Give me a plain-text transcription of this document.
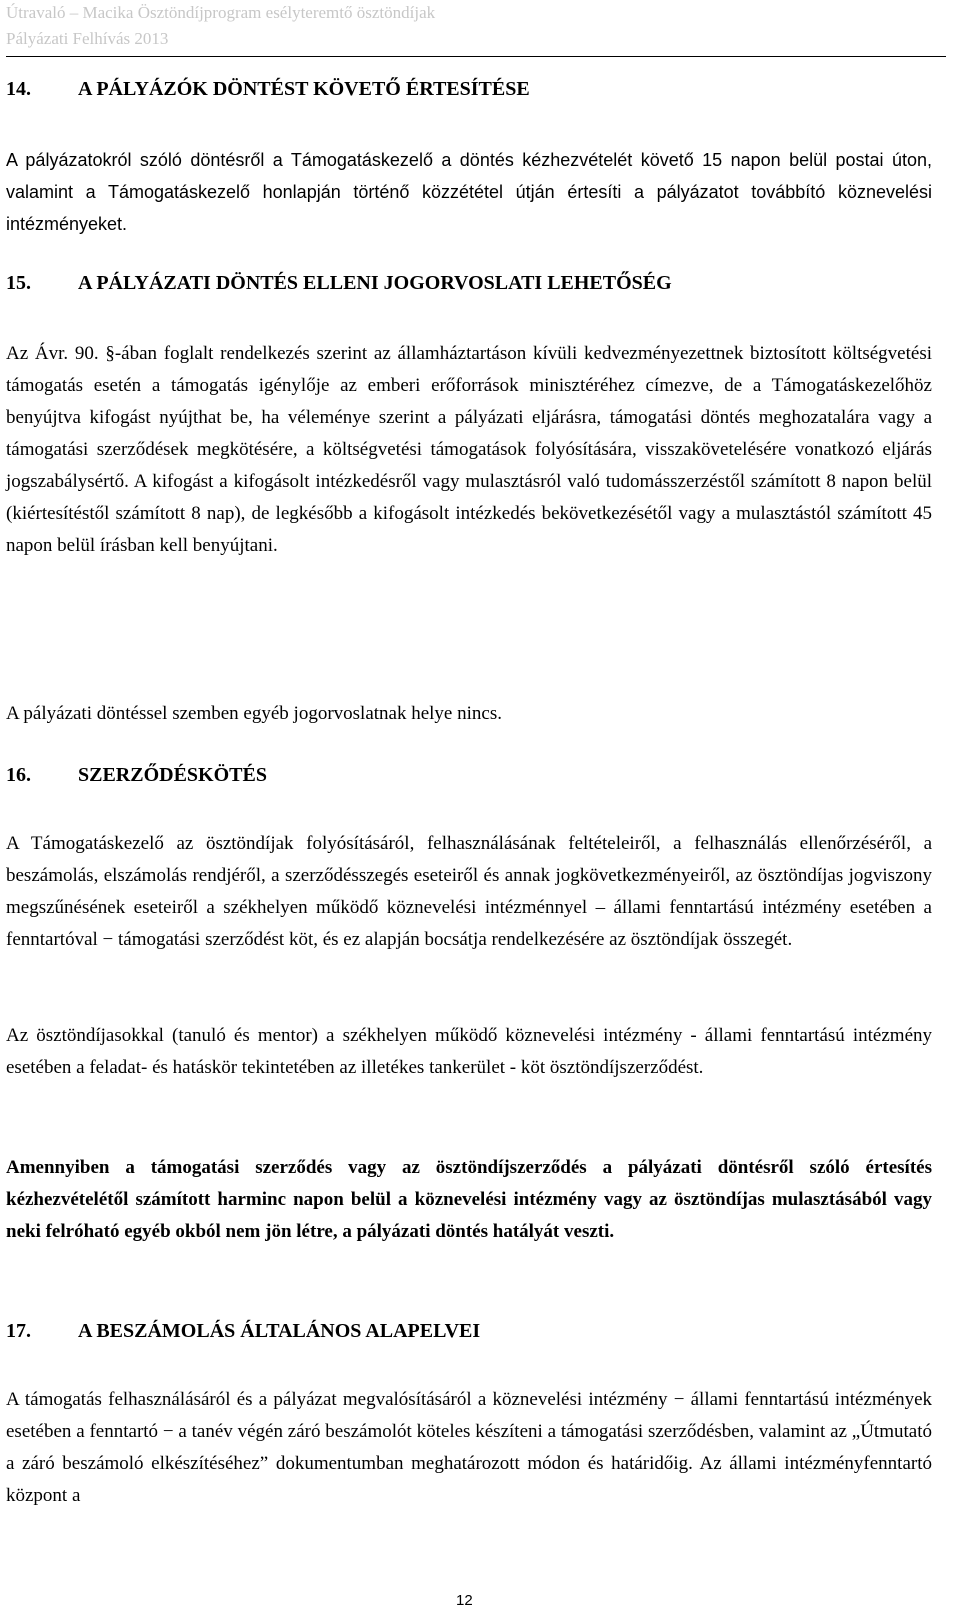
Útravaló – Macika Ösztöndíjprogram esélyteremtő ösztöndíjak
Pályázati Felhívás 2013
14.	A PÁLYÁZÓK DÖNTÉST KÖVETŐ ÉRTESÍTÉSE
A pályázatokról szóló döntésről a Támogatáskezelő a döntés kézhezvételét követő 15 napon belül postai úton, valamint a Támogatáskezelő honlapján történő közzététel útján értesíti a pályázatot továbbító köznevelési intézményeket.
15.	A PÁLYÁZATI DÖNTÉS ELLENI JOGORVOSLATI LEHETŐSÉG
Az Ávr. 90. §-ában foglalt rendelkezés szerint az államháztartáson kívüli kedvezményezettnek biztosított költségvetési támogatás esetén a támogatás igénylője az emberi erőforrások minisztéréhez címezve, de a Támogatáskezelőhöz benyújtva kifogást nyújthat be, ha véleménye szerint a pályázati eljárásra, támogatási döntés meghozatalára vagy a támogatási szerződések megkötésére, a költségvetési támogatások folyósítására, visszakövetelésére vonatkozó eljárás jogszabálysértő. A kifogást a kifogásolt intézkedésről vagy mulasztásról való tudomásszerzéstől számított 8 napon belül (kiértesítéstől számított 8 nap), de legkésőbb a kifogásolt intézkedés bekövetkezésétől vagy a mulasztástól számított 45 napon belül írásban kell benyújtani.
A pályázati döntéssel szemben egyéb jogorvoslatnak helye nincs.
16.	SZERZŐDÉSKÖTÉS
A Támogatáskezelő az ösztöndíjak folyósításáról, felhasználásának feltételeiről, a felhasználás ellenőrzéséről, a beszámolás, elszámolás rendjéről, a szerződésszegés eseteiről és annak jogkövetkezményeiről, az ösztöndíjas jogviszony megszűnésének eseteiről a székhelyen működő köznevelési intézménnyel – állami fenntartású intézmény esetében a fenntartóval − támogatási szerződést köt, és ez alapján bocsátja rendelkezésére az ösztöndíjak összegét.
Az ösztöndíjasokkal (tanuló és mentor) a székhelyen működő köznevelési intézmény - állami fenntartású intézmény esetében a feladat- és hatáskör tekintetében az illetékes tankerület - köt ösztöndíjszerződést.
Amennyiben a támogatási szerződés vagy az ösztöndíjszerződés a pályázati döntésről szóló értesítés kézhezvételétől számított harminc napon belül a köznevelési intézmény vagy az ösztöndíjas mulasztásából vagy neki felróható egyéb okból nem jön létre, a pályázati döntés hatályát veszti.
17.	A BESZÁMOLÁS ÁLTALÁNOS ALAPELVEI
A támogatás felhasználásáról és a pályázat megvalósításáról a köznevelési intézmény − állami fenntartású intézmények esetében a fenntartó − a tanév végén záró beszámolót köteles készíteni a támogatási szerződésben, valamint az „Útmutató a záró beszámoló elkészítéséhez” dokumentumban meghatározott módon és határidőig. Az állami intézményfenntartó központ a
12
